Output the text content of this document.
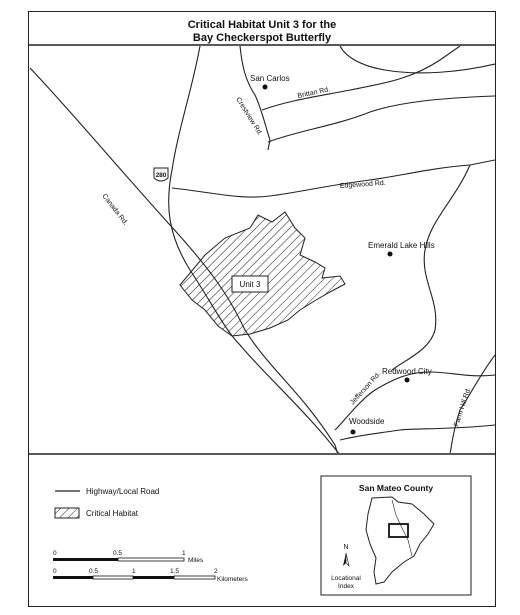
Critical Habitat Unit 3 for the
Bay Checkerspot Butterfly
280
Unit 3
San Carlos
Emerald Lake Hills
Redwood City
Woodside
Brittan Rd.
Crestview Rd.
Edgewood Rd.
Canada Rd.
Jefferson Rd.	Farm Hill Rd.
Highway/Local Road
Critical Habitat
0	0.5	1
Miles
0	0.5	1	1.5	2
Kilometers
San Mateo County
N
Locational
Index
